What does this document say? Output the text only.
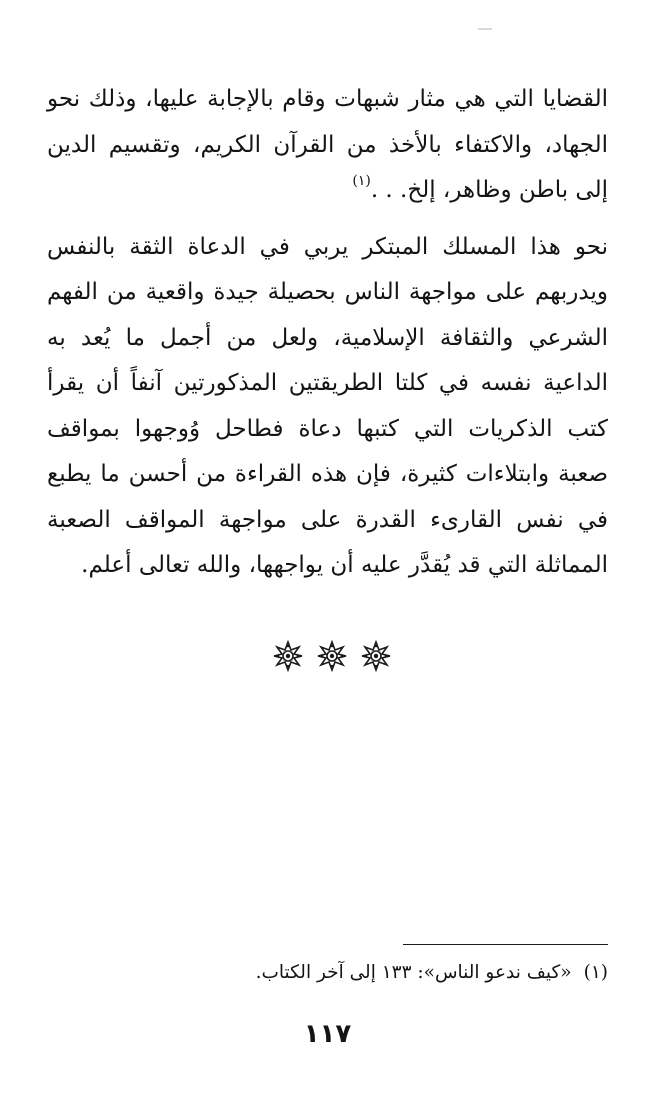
القضايا التي هي مثار شبهات وقام بالإجابة عليها، وذلك نحو الجهاد، والاكتفاء بالأخذ من القرآن الكريم، وتقسيم الدين إلى باطن وظاهر، إلخ. . .$^{(١)}$
نحو هذا المسلك المبتكر يربي في الدعاة الثقة بالنفس ويدربهم على مواجهة الناس بحصيلة جيدة واقعية من الفهم الشرعي والثقافة الإسلامية، ولعل من أجمل ما يُعد به الداعية نفسه في كلتا الطريقتين المذكورتين آنفاً أن يقرأ كتب الذكريات التي كتبها دعاة فطاحل وُوجهوا بمواقف صعبة وابتلاءات كثيرة، فإن هذه القراءة من أحسن ما يطبع في نفس القارىء القدرة على مواجهة المواقف الصعبة المماثلة التي قد يُقدَّر عليه أن يواجهها، والله تعالى أعلم.
(١)«كيف ندعو الناس»: ١٣٣ إلى آخر الكتاب.
١١٧
